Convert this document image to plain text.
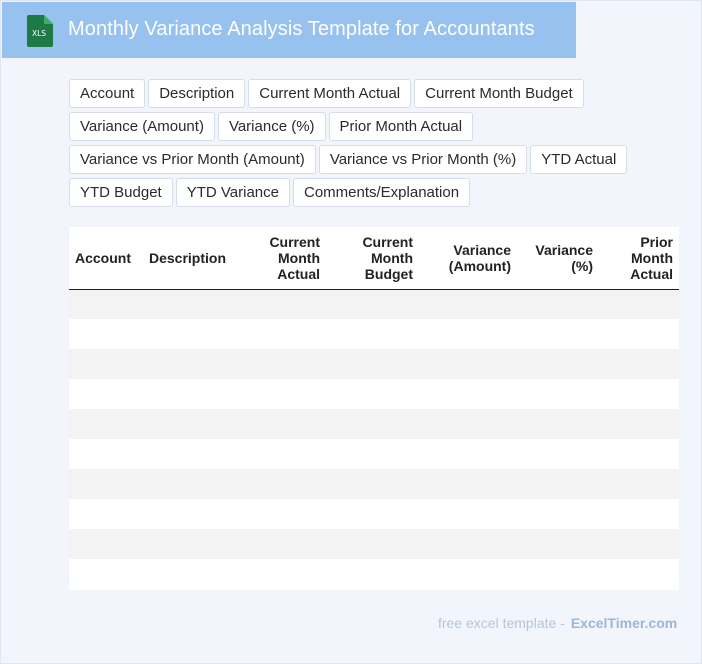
XLS Monthly Variance Analysis Template for Accountants
Account	Description	Current Month Actual	Current Month Budget
Variance (Amount)	Variance (%)	Prior Month Actual
Variance vs Prior Month (Amount)	Variance vs Prior Month (%)	YTD Actual
YTD Budget	YTD Variance	Comments/Explanation
Account	Description	Current Month Actual	Current Month Budget	Variance (Amount)	Variance (%)	Prior Month Actual

free excel template - ExcelTimer.com
